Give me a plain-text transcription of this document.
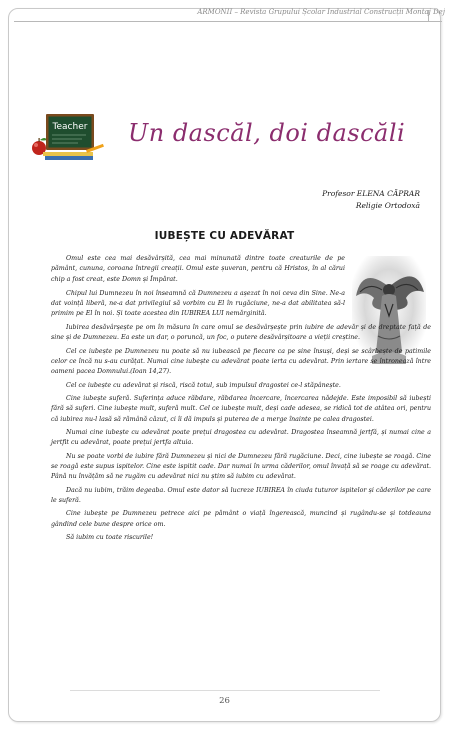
ARMONII – Revista Grupului Școlar Industrial Construcții Montaj Dej
Teacher Un dascăl, doi dascăli
Profesor ELENA CĂPRAR
Religie Ortodoxă
IUBEȘTE CU ADEVĂRAT

Omul este cea mai desăvârșită, cea mai minunată dintre toate creaturile de pe pământ, cununa, coroana întregii creații. Omul este șuveran, pentru că Hristos, în al cărui chip a fost creat, este Domn și Împărat.

Chipul lui Dumnezeu în noi înseamnă că Dumnezeu a așezat în noi ceva din Sine. Ne-a dat voință liberă, ne-a dat privilegiul să vorbim cu El în rugăciune, ne-a dat abilitatea să-l primim pe El în noi. Și toate acestea din IUBIREA LUI nemărginită.

Iubirea desăvârșește pe om în măsura în care omul se desăvârșește prin iubire de adevăr și de dreptate față de sine și de Dumnezeu. Ea este un dar, o poruncă, un foc, o putere desăvârșitoare a vieții creștine.

Cel ce iubește pe Dumnezeu nu poate să nu iubească pe fiecare ca pe sine însuși, deși se scârbește de patimile celor ce încă nu s-au curățat. Numai cine iubește cu adevărat poate ierta cu adevărat. Prin iertare se întronează între oameni pacea Domnului.(Ioan 14,27).

Cel ce iubește cu adevărat și riscă, riscă totul, sub impulsul dragostei ce-l stăpânește.

Cine iubește suferă. Suferința aduce răbdare, răbdarea încercare, încercarea nădejde. Este imposibil să iubești fără să suferi. Cine iubește mult, suferă mult. Cel ce iubește mult, deși cade adesea, se ridică tot de atâtea ori, pentru că iubirea nu-l lasă să rămână căzut, ci îi dă impuls și puterea de a merge înainte pe calea dragostei.

Numai cine iubește cu adevărat poate prețui dragostea cu adevărat. Dragostea înseamnă jertfă, și numai cine a jertfit cu adevărat, poate prețui jertfa altuia.

Nu se poate vorbi de iubire fără Dumnezeu și nici de Dumnezeu fără rugăciune. Deci, cine iubește se roagă. Cine se roagă este supus ispitelor. Cine este ispitit cade. Dar numai în urma căderilor, omul învață să se roage cu adevărat. Până nu învățăm să ne rugăm cu adevărat nici nu știm să iubim cu adevărat.

Dacă nu iubim, trăim degeaba. Omul este dator să lucreze IUBIREA în ciuda tuturor ispitelor și căderilor pe care le suferă.

Cine iubește pe Dumnezeu petrece aici pe pământ o viață îngerească, muncind și rugându-se și totdeauna gândind cele bune despre orice om.

Să iubim cu toate riscurile!

26
